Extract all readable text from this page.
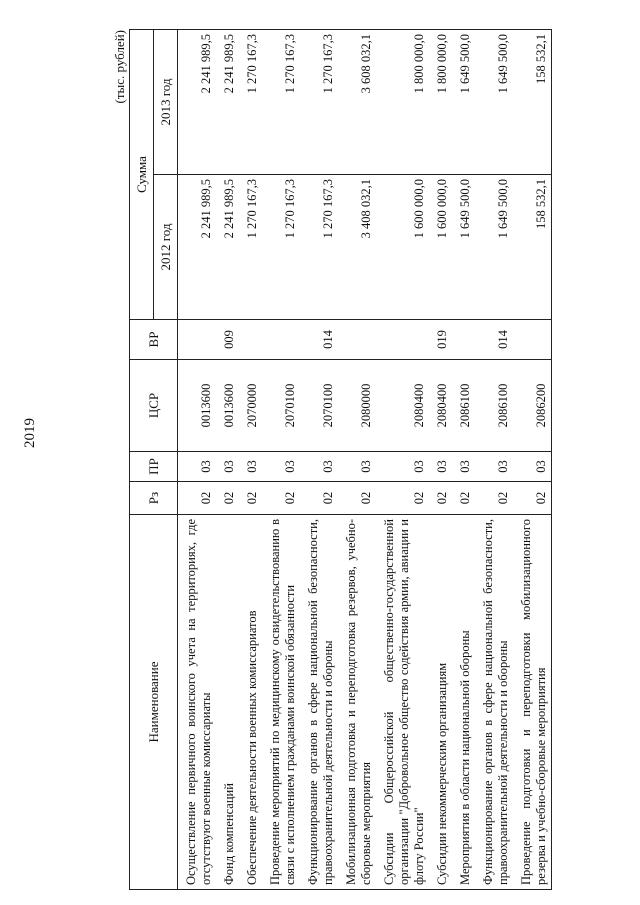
2019
(тыс. рублей)
Наименование	Рз	ПР	ЦСР	ВР	Сумма	
					2012 год	2013 год
Осуществление первичного воинского учета на территориях, где отсутствуют военные комиссариаты	02	03	0013600		2 241 989,5	2 241 989,5
Фонд компенсаций	02	03	0013600	009	2 241 989,5	2 241 989,5
Обеспечение деятельности военных комиссариатов	02	03	2070000		1 270 167,3	1 270 167,3
Проведение мероприятий по медицинскому освидетельствованию в связи с исполнением гражданами воинской обязанности	02	03	2070100		1 270 167,3	1 270 167,3
Функционирование органов в сфере национальной безопасности, правоохранительной деятельности и обороны	02	03	2070100	014	1 270 167,3	1 270 167,3
Мобилизационная подготовка и переподготовка резервов, учебно-сборовые мероприятия	02	03	2080000		3 408 032,1	3 608 032,1
Субсидии Общероссийской общественно-государственной организации "Добровольное общество содействия армии, авиации и флоту России"	02	03	2080400		1 600 000,0	1 800 000,0
Субсидии некоммерческим организациям	02	03	2080400	019	1 600 000,0	1 800 000,0
Мероприятия в области национальной обороны	02	03	2086100		1 649 500,0	1 649 500,0
Функционирование органов в сфере национальной безопасности, правоохранительной деятельности и обороны	02	03	2086100	014	1 649 500,0	1 649 500,0
Проведение подготовки и переподготовки мобилизационного резерва и учебно-сборовые мероприятия	02	03	2086200		158 532,1	158 532,1
